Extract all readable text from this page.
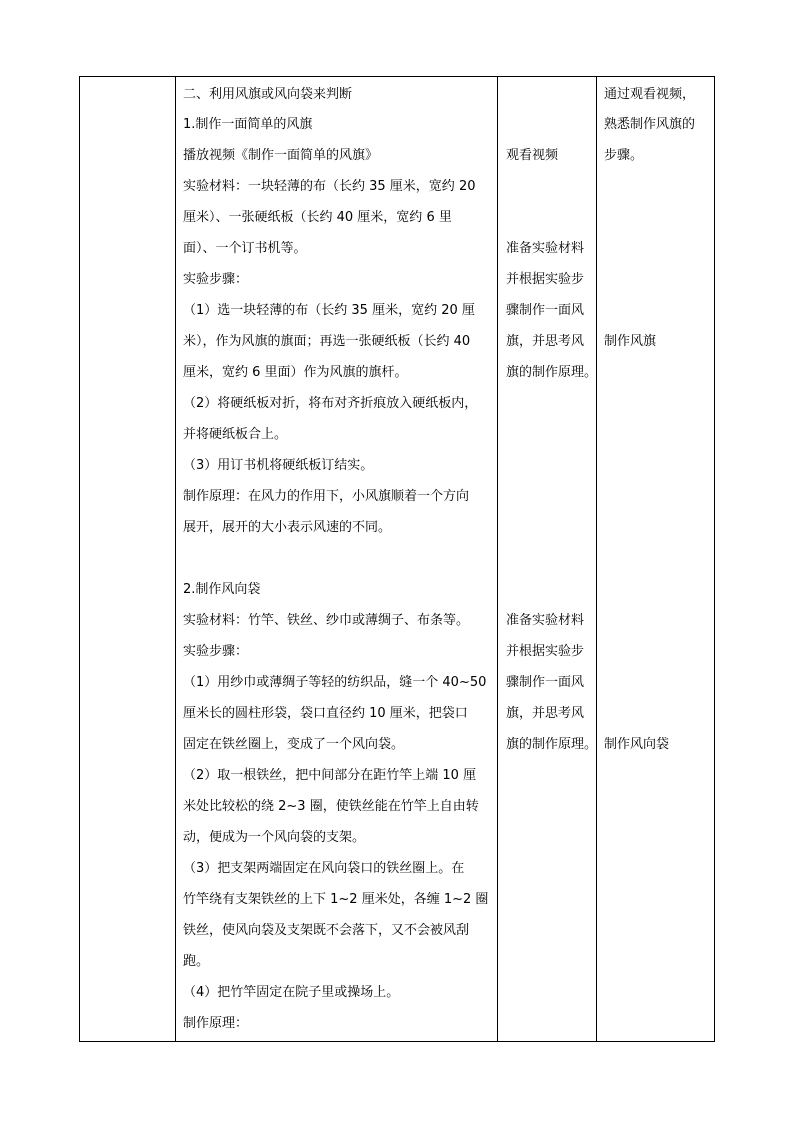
二、利用风旗或风向袋来判断
1.制作一面简单的风旗
播放视频《制作一面简单的风旗》
实验材料：一块轻薄的布（长约 35 厘米，宽约 20
厘米）、一张硬纸板（长约 40 厘米，宽约 6 里
面）、一个订书机等。
实验步骤：
（1）选一块轻薄的布（长约 35 厘米，宽约 20 厘
米），作为风旗的旗面；再选一张硬纸板（长约 40
厘米，宽约 6 里面）作为风旗的旗杆。
（2）将硬纸板对折，将布对齐折痕放入硬纸板内，
并将硬纸板合上。
（3）用订书机将硬纸板订结实。
制作原理：在风力的作用下，小风旗顺着一个方向
展开，展开的大小表示风速的不同。
2.制作风向袋
实验材料：竹竿、铁丝、纱巾或薄绸子、布条等。
实验步骤：
（1）用纱巾或薄绸子等轻的纺织品，缝一个 40~50
厘米长的圆柱形袋，袋口直径约 10 厘米，把袋口
固定在铁丝圈上，变成了一个风向袋。
（2）取一根铁丝，把中间部分在距竹竿上端 10 厘
米处比较松的绕 2~3 圈，使铁丝能在竹竿上自由转
动，便成为一个风向袋的支架。
（3）把支架两端固定在风向袋口的铁丝圈上。在
竹竿绕有支架铁丝的上下 1~2 厘米处，各缠 1~2 圈
铁丝，使风向袋及支架既不会落下，又不会被风刮
跑。
（4）把竹竿固定在院子里或操场上。
制作原理：
观看视频
准备实验材料
并根据实验步
骤制作一面风
旗，并思考风
旗的制作原理。
准备实验材料
并根据实验步
骤制作一面风
旗，并思考风
旗的制作原理。
通过观看视频，
熟悉制作风旗的
步骤。
制作风旗
制作风向袋
